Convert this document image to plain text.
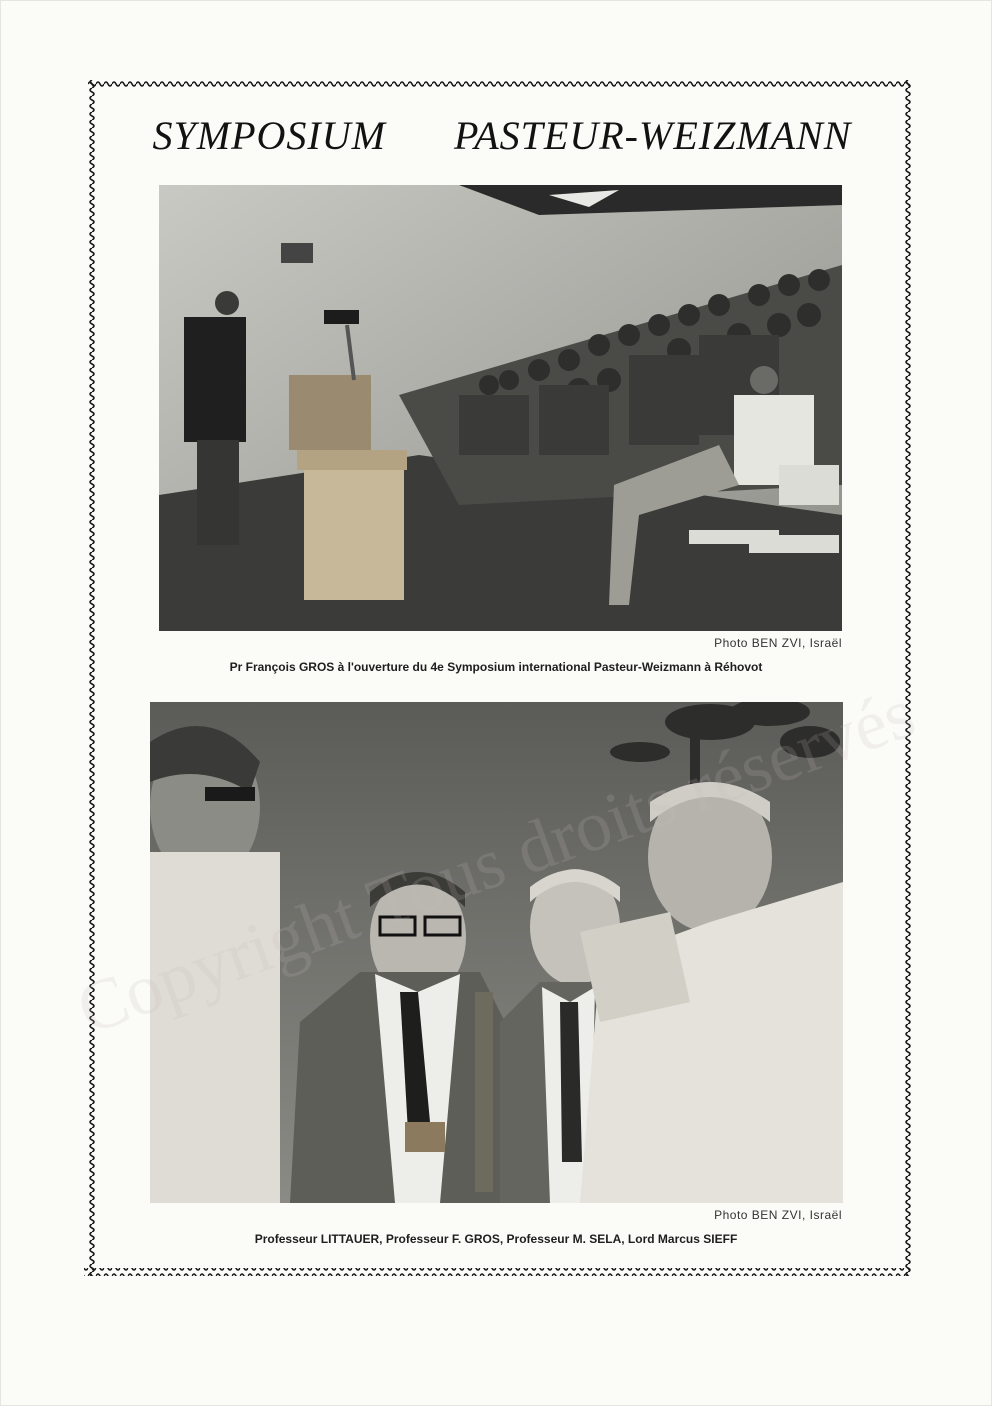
SYMPOSIUM PASTEUR-WEIZMANN
Photo BEN ZVI, Israël
Pr François GROS à l'ouverture du 4e Symposium international Pasteur-Weizmann à Réhovot
Photo BEN ZVI, Israël
Professeur LITTAUER, Professeur F. GROS, Professeur M. SELA, Lord Marcus SIEFF
